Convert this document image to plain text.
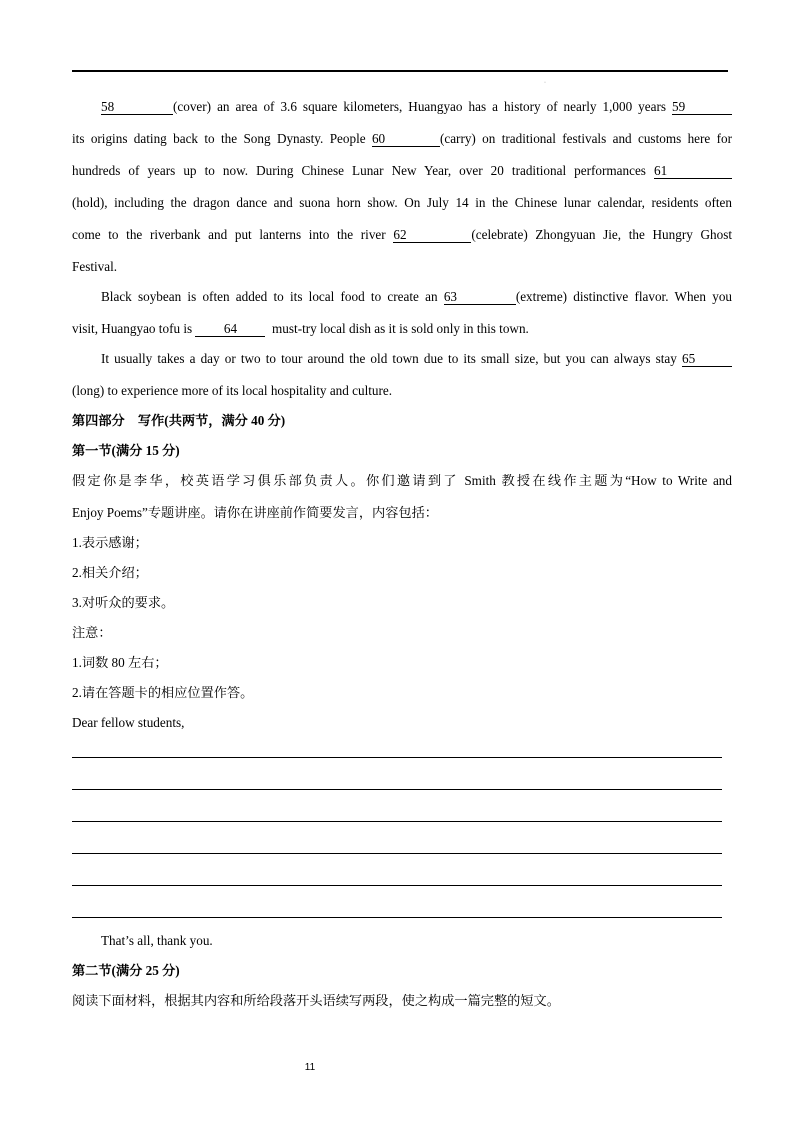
·
58	(cover) an area of 3.6 square kilometers, Huangyao has a history of nearly 1,000 years 59
its origins dating back to the Song Dynasty. People 60	(carry) on traditional festivals and customs here for
hundreds of years up to now. During Chinese Lunar New Year, over 20 traditional performances 61
(hold), including the dragon dance and suona horn show. On July 14 in the Chinese lunar calendar, residents often
come to the riverbank and put lanterns into the river 62	(celebrate) Zhongyuan Jie, the Hungry Ghost
Festival.
Black soybean is often added to its local food to create an 63	(extreme) distinctive flavor. When you
visit, Huangyao tofu is 64	must-try local dish as it is sold only in this town.
It usually takes a day or two to tour around the old town due to its small size, but you can always stay 65
(long) to experience more of its local hospitality and culture.
第四部分　写作(共两节，满分 40 分)
第一节(满分 15 分)
假定你是李华，校英语学习俱乐部负责人。你们邀请到了 Smith 教授在线作主题为“How to Write and
Enjoy Poems”专题讲座。请你在讲座前作简要发言，内容包括：
1.表示感谢；
2.相关介绍；
3.对听众的要求。
注意：
1.词数 80 左右；
2.请在答题卡的相应位置作答。
Dear fellow students,
That’s all, thank you.
第二节(满分 25 分)
阅读下面材料，根据其内容和所给段落开头语续写两段，使之构成一篇完整的短文。
11
